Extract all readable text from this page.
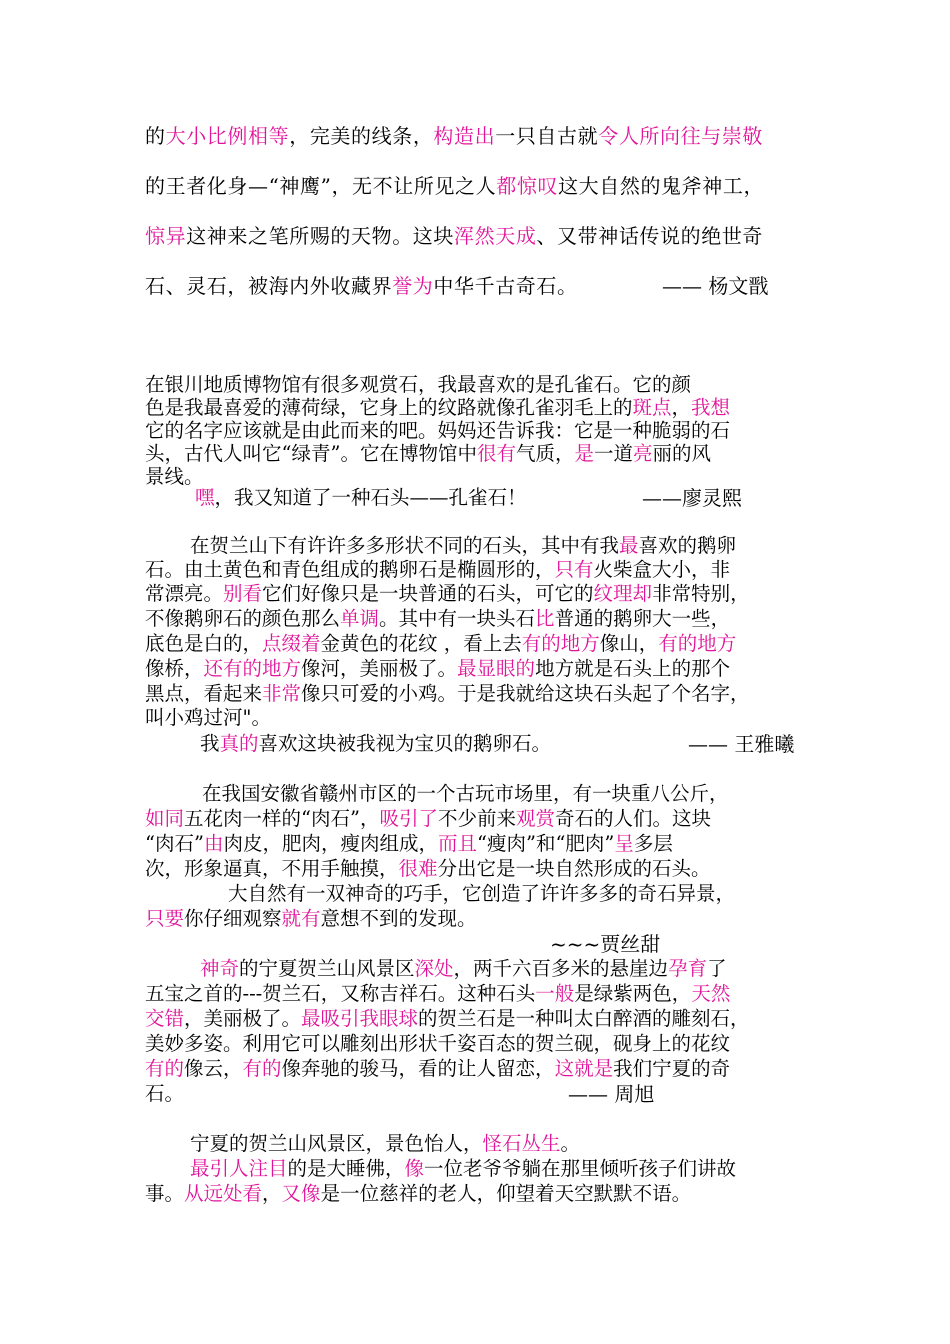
的大小比例相等，完美的线条，构造出一只自古就令人所向往与崇敬
的王者化身—“神鹰”，无不让所见之人都惊叹这大自然的鬼斧神工，
惊异这神来之笔所赐的天物。这块浑然天成、又带神话传说的绝世奇
石、灵石，被海内外收藏界誉为中华千古奇石。	—— 杨文戬
在银川地质博物馆有很多观赏石，我最喜欢的是孔雀石。它的颜
色是我最喜爱的薄荷绿，它身上的纹路就像孔雀羽毛上的斑点，我想
它的名字应该就是由此而来的吧。妈妈还告诉我：它是一种脆弱的石
头，古代人叫它“绿青”。它在博物馆中很有气质，是一道亮丽的风
景线。
嘿，我又知道了一种石头——孔雀石！	——廖灵熙
在贺兰山下有许许多多形状不同的石头，其中有我最喜欢的鹅卵
石。由土黄色和青色组成的鹅卵石是椭圆形的，只有火柴盒大小，非
常漂亮。别看它们好像只是一块普通的石头，可它的纹理却非常特别，
不像鹅卵石的颜色那么单调。其中有一块头石比普通的鹅卵大一些，
底色是白的，点缀着金黄色的花纹 ，看上去有的地方像山，有的地方
像桥，还有的地方像河，美丽极了。最显眼的地方就是石头上的那个
黑点，看起来非常像只可爱的小鸡。于是我就给这块石头起了个名字，
叫小鸡过河"。
我真的喜欢这块被我视为宝贝的鹅卵石。	—— 王雅曦
在我国安徽省赣州市区的一个古玩市场里，有一块重八公斤，
如同五花肉一样的“肉石”，吸引了不少前来观赏奇石的人们。这块
“肉石”由肉皮，肥肉，瘦肉组成，而且“瘦肉”和“肥肉”呈多层
次，形象逼真，不用手触摸，很难分出它是一块自然形成的石头。
大自然有一双神奇的巧手，它创造了许许多多的奇石异景，
只要你仔细观察就有意想不到的发现。
~~~贾丝甜
神奇的宁夏贺兰山风景区深处，两千六百多米的悬崖边孕育了
五宝之首的---贺兰石，又称吉祥石。这种石头一般是绿紫两色，天然
交错，美丽极了。最吸引我眼球的贺兰石是一种叫太白醉酒的雕刻石，
美妙多姿。利用它可以雕刻出形状千姿百态的贺兰砚，砚身上的花纹
有的像云，有的像奔驰的骏马，看的让人留恋，这就是我们宁夏的奇
石。	—— 周旭
宁夏的贺兰山风景区，景色怡人，怪石丛生。
最引人注目的是大睡佛，像一位老爷爷躺在那里倾听孩子们讲故
事。从远处看，又像是一位慈祥的老人，仰望着天空默默不语。
